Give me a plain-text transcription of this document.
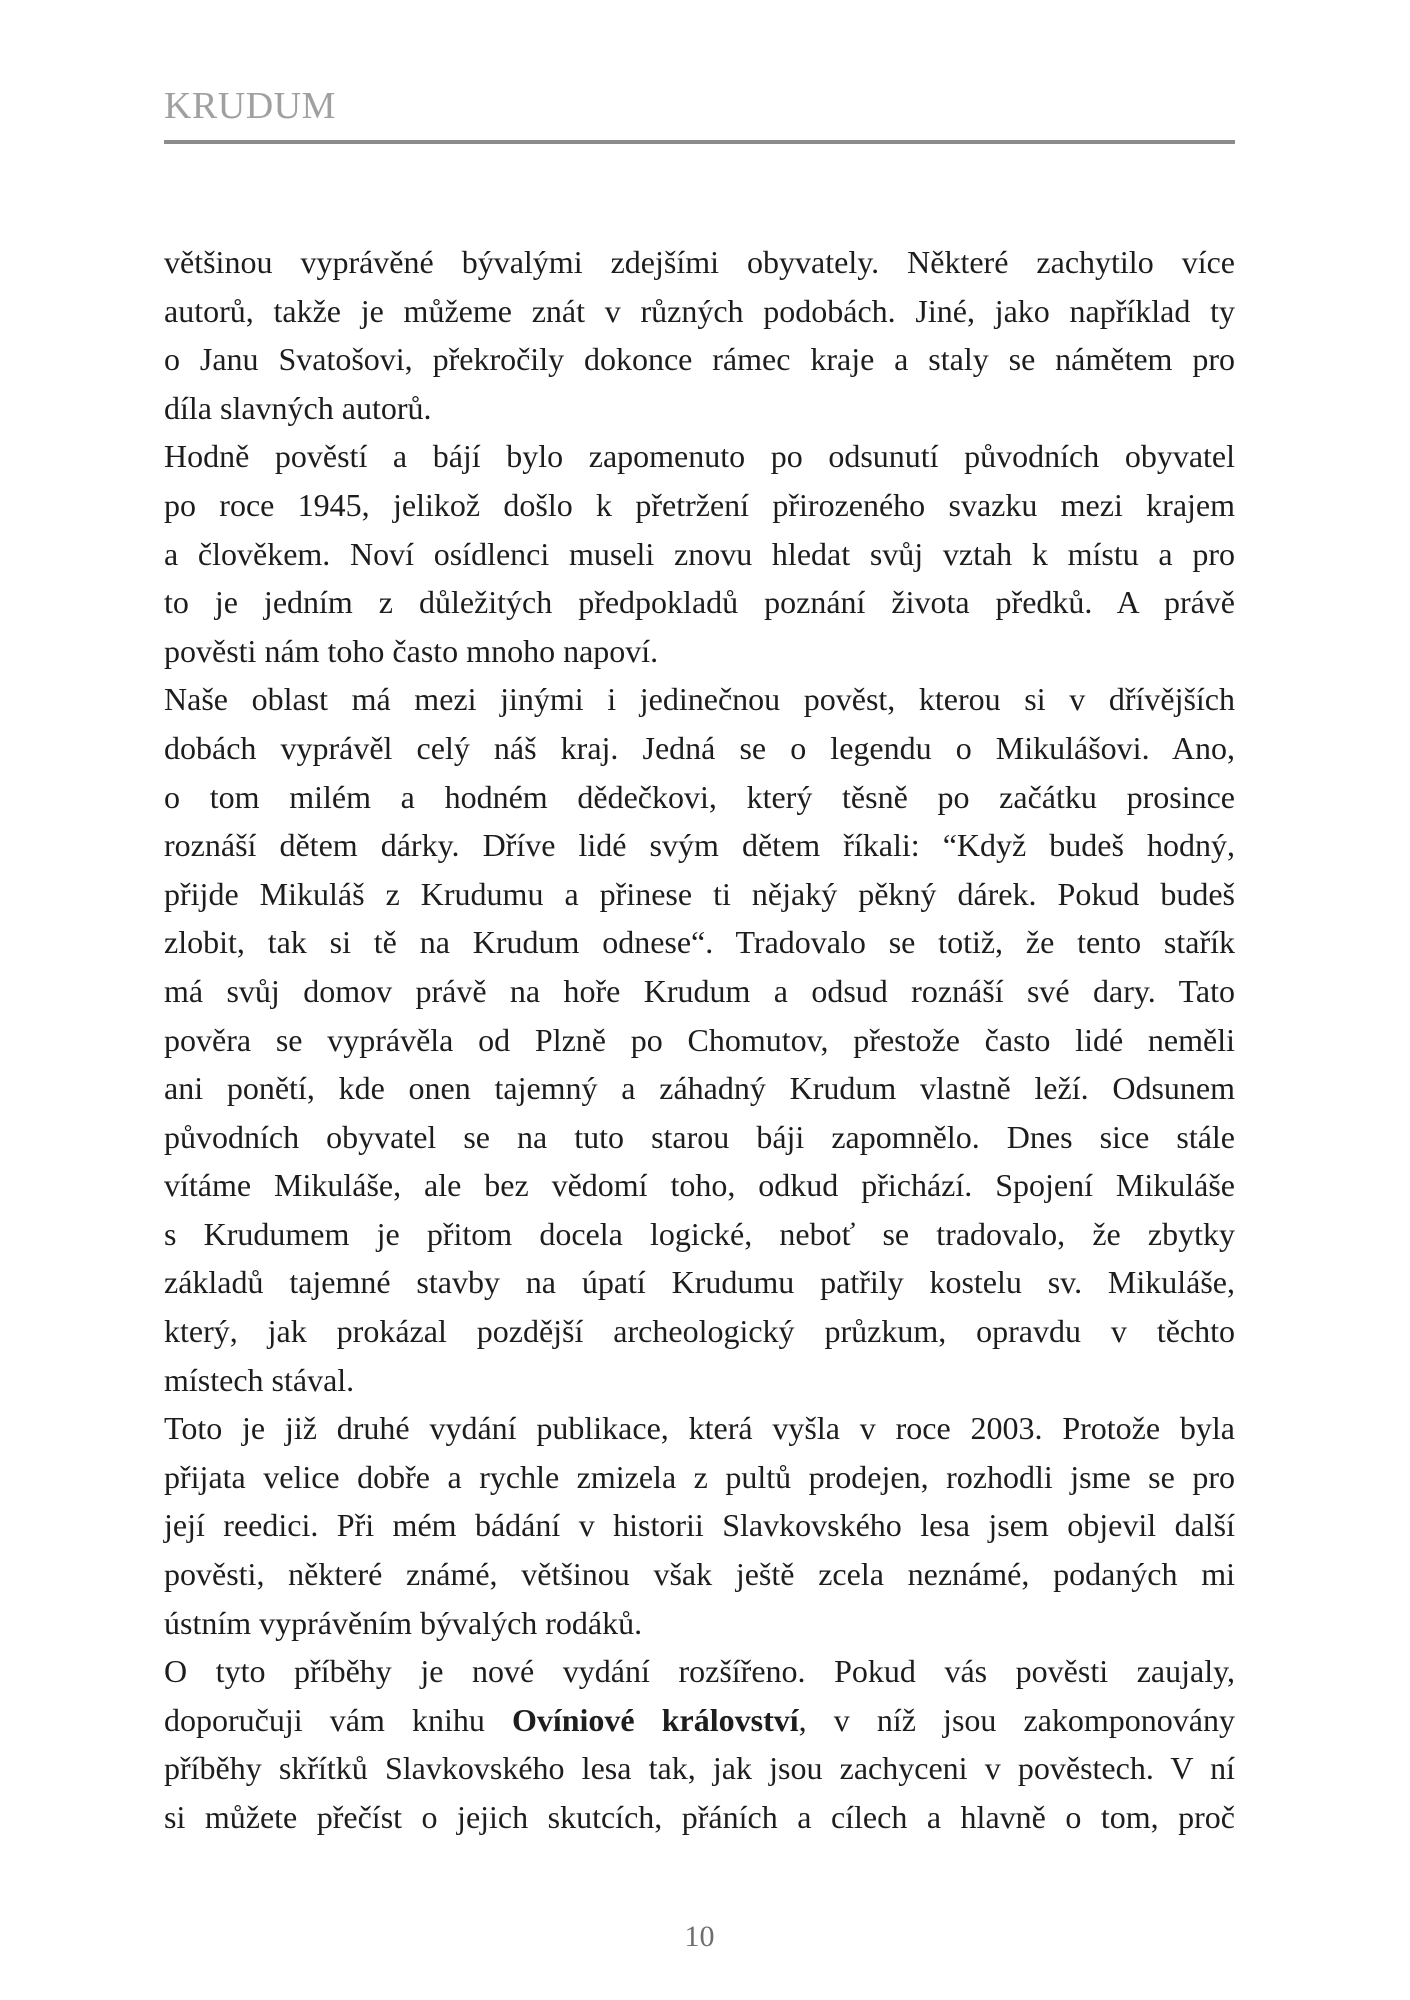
KRUDUM
většinou vyprávěné bývalými zdejšími obyvately. Některé zachytilo více
autorů, takže je můžeme znát v různých podobách. Jiné, jako například ty
o Janu Svatošovi, překročily dokonce rámec kraje a staly se námětem pro
díla slavných autorů.
Hodně pověstí a bájí bylo zapomenuto po odsunutí původních obyvatel
po roce 1945, jelikož došlo k přetržení přirozeného svazku mezi krajem
a člověkem. Noví osídlenci museli znovu hledat svůj vztah k místu a pro
to je jedním z důležitých předpokladů poznání života předků. A právě
pověsti nám toho často mnoho napoví.
Naše oblast má mezi jinými i jedinečnou pověst, kterou si v dřívějších
dobách vyprávěl celý náš kraj. Jedná se o legendu o Mikulášovi. Ano,
o tom milém a hodném dědečkovi, který těsně po začátku prosince
roznáší dětem dárky. Dříve lidé svým dětem říkali: “Když budeš hodný,
přijde Mikuláš z Krudumu a přinese ti nějaký pěkný dárek. Pokud budeš
zlobit, tak si tě na Krudum odnese“. Tradovalo se totiž, že tento stařík
má svůj domov právě na hoře Krudum a odsud roznáší své dary. Tato
pověra se vyprávěla od Plzně po Chomutov, přestože často lidé neměli
ani ponětí, kde onen tajemný a záhadný Krudum vlastně leží. Odsunem
původních obyvatel se na tuto starou báji zapomnělo. Dnes sice stále
vítáme Mikuláše, ale bez vědomí toho, odkud přichází. Spojení Mikuláše
s Krudumem je přitom docela logické, neboť se tradovalo, že zbytky
základů tajemné stavby na úpatí Krudumu patřily kostelu sv. Mikuláše,
který, jak prokázal pozdější archeologický průzkum, opravdu v těchto
místech stával.
Toto je již druhé vydání publikace, která vyšla v roce 2003. Protože byla
přijata velice dobře a rychle zmizela z pultů prodejen, rozhodli jsme se pro
její reedici. Při mém bádání v historii Slavkovského lesa jsem objevil další
pověsti, některé známé, většinou však ještě zcela neznámé, podaných mi
ústním vyprávěním bývalých rodáků.
O tyto příběhy je nové vydání rozšířeno. Pokud vás pověsti zaujaly,
doporučuji vám knihu Ovíniové království, v níž jsou zakomponovány
příběhy skřítků Slavkovského lesa tak, jak jsou zachyceni v pověstech. V ní
si můžete přečíst o jejich skutcích, přáních a cílech a hlavně o tom, proč
10
